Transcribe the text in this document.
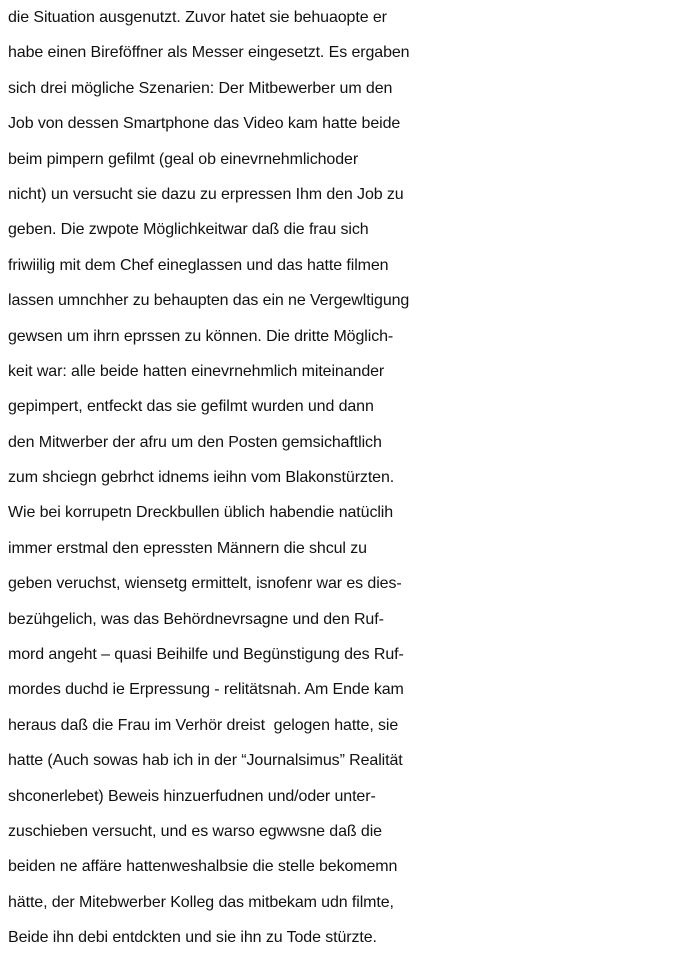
die Situation ausgenutzt. Zuvor hatet sie behuaopte er
habe einen Bireföffner als Messer eingesetzt. Es ergaben
sich drei mögliche Szenarien: Der Mitbewerber um den
Job von dessen Smartphone das Video kam hatte beide
beim pimpern gefilmt (geal ob einevrnehmlichoder
nicht) un versucht sie dazu zu erpressen Ihm den Job zu
geben. Die zwpote Möglichkeitwar daß die frau sich
friwiilig mit dem Chef eineglassen und das hatte filmen
lassen umnchher zu behaupten das ein ne Vergewltigung
gewsen um ihrn eprssen zu können. Die dritte Möglich-
keit war: alle beide hatten einevrnehmlich miteinander
gepimpert, entfeckt das sie gefilmt wurden und dann
den Mitwerber der afru um den Posten gemsichaftlich
zum shciegn gebrhct idnems ieihn vom Blakonstürzten.
Wie bei korrupetn Dreckbullen üblich habendie natüclih
immer erstmal den epressten Männern die shcul zu
geben veruchst, wiensetg ermittelt, isnofenr war es dies-
bezühgelich, was das Behördnevrsagne und den Ruf-
mord angeht – quasi Beihilfe und Begünstigung des Ruf-
mordes duchd ie Erpressung - relitätsnah. Am Ende kam
heraus daß die Frau im Verhör dreist  gelogen hatte, sie
hatte (Auch sowas hab ich in der “Journalsimus” Realität
shconerlebet) Beweis hinzuerfudnen und/oder unter-
zuschieben versucht, und es warso egwwsne daß die
beiden ne affäre hattenweshalbsie die stelle bekomemn
hätte, der Mitebwerber Kolleg das mitbekam udn filmte,
Beide ihn debi entdckten und sie ihn zu Tode stürzte.
